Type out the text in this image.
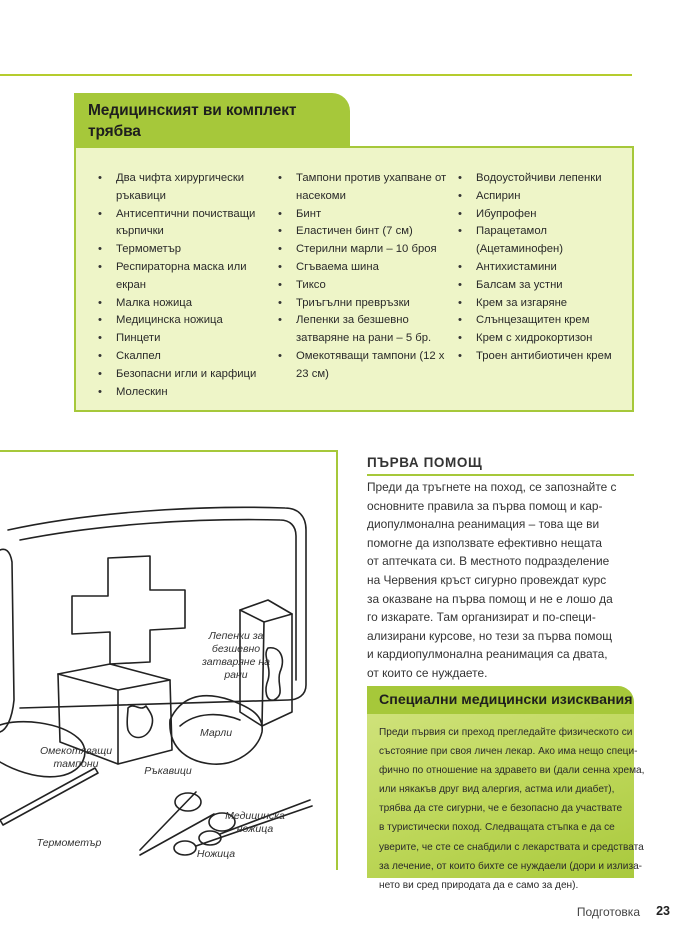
Медицинският ви комплект трябва
• Два чифта хирургически ръкавици
• Антисептични почистващи кърпички
• Термометър
• Респираторна маска или екран
• Малка ножица
• Медицинска ножица
• Пинцети
• Скалпел
• Безопасни игли и карфици
• Молескин
• Тампони против ухапване от насекоми
• Бинт
• Еластичен бинт (7 см)
• Стерилни марли – 10 броя
• Сгъваема шина
• Тиксо
• Триъгълни превръзки
• Лепенки за безшевно затваряне на рани – 5 бр.
• Омекотяващи тампони (12 х 23 см)
• Водоустойчиви лепенки
• Аспирин
• Ибупрофен
• Парацетамол (Ацетаминофен)
• Антихистамини
• Балсам за устни
• Крем за изгаряне
• Слънцезащитен крем
• Крем с хидрокортизон
• Троен антибиотичен крем
Лепенки за
безшевно
затваряне на
рани
Марли
Омекотяващи
тампони
Ръкавици
Медицинска
ножица
Термометър
Ножица
ПЪРВА ПОМОЩ
Преди да тръгнете на поход, се запознайте с
основните правила за първа помощ и кар-
диопулмонална реанимация – това ще ви
помогне да използвате ефективно нещата
от аптечката си. В местното подразделение
на Червения кръст сигурно провеждат курс
за оказване на първа помощ и не е лошо да
го изкарате. Там организират и по-специ-
ализирани курсове, но тези за първа помощ
и кардиопулмонална реанимация са двата,
от които се нуждаете.
Специални медицински изисквания
Преди първия си преход прегледайте физическото си
състояние при своя личен лекар. Ако има нещо специ-
фично по отношение на здравето ви (дали сенна хрема,
или някакъв друг вид алергия, астма или диабет),
трябва да сте сигурни, че е безопасно да участвате
в туристически поход. Следващата стъпка е да се
уверите, че сте се снабдили с лекарствата и средствата
за лечение, от които бихте се нуждаели (дори и излиза-
нето ви сред природата да е само за ден).
Подготовка 23
